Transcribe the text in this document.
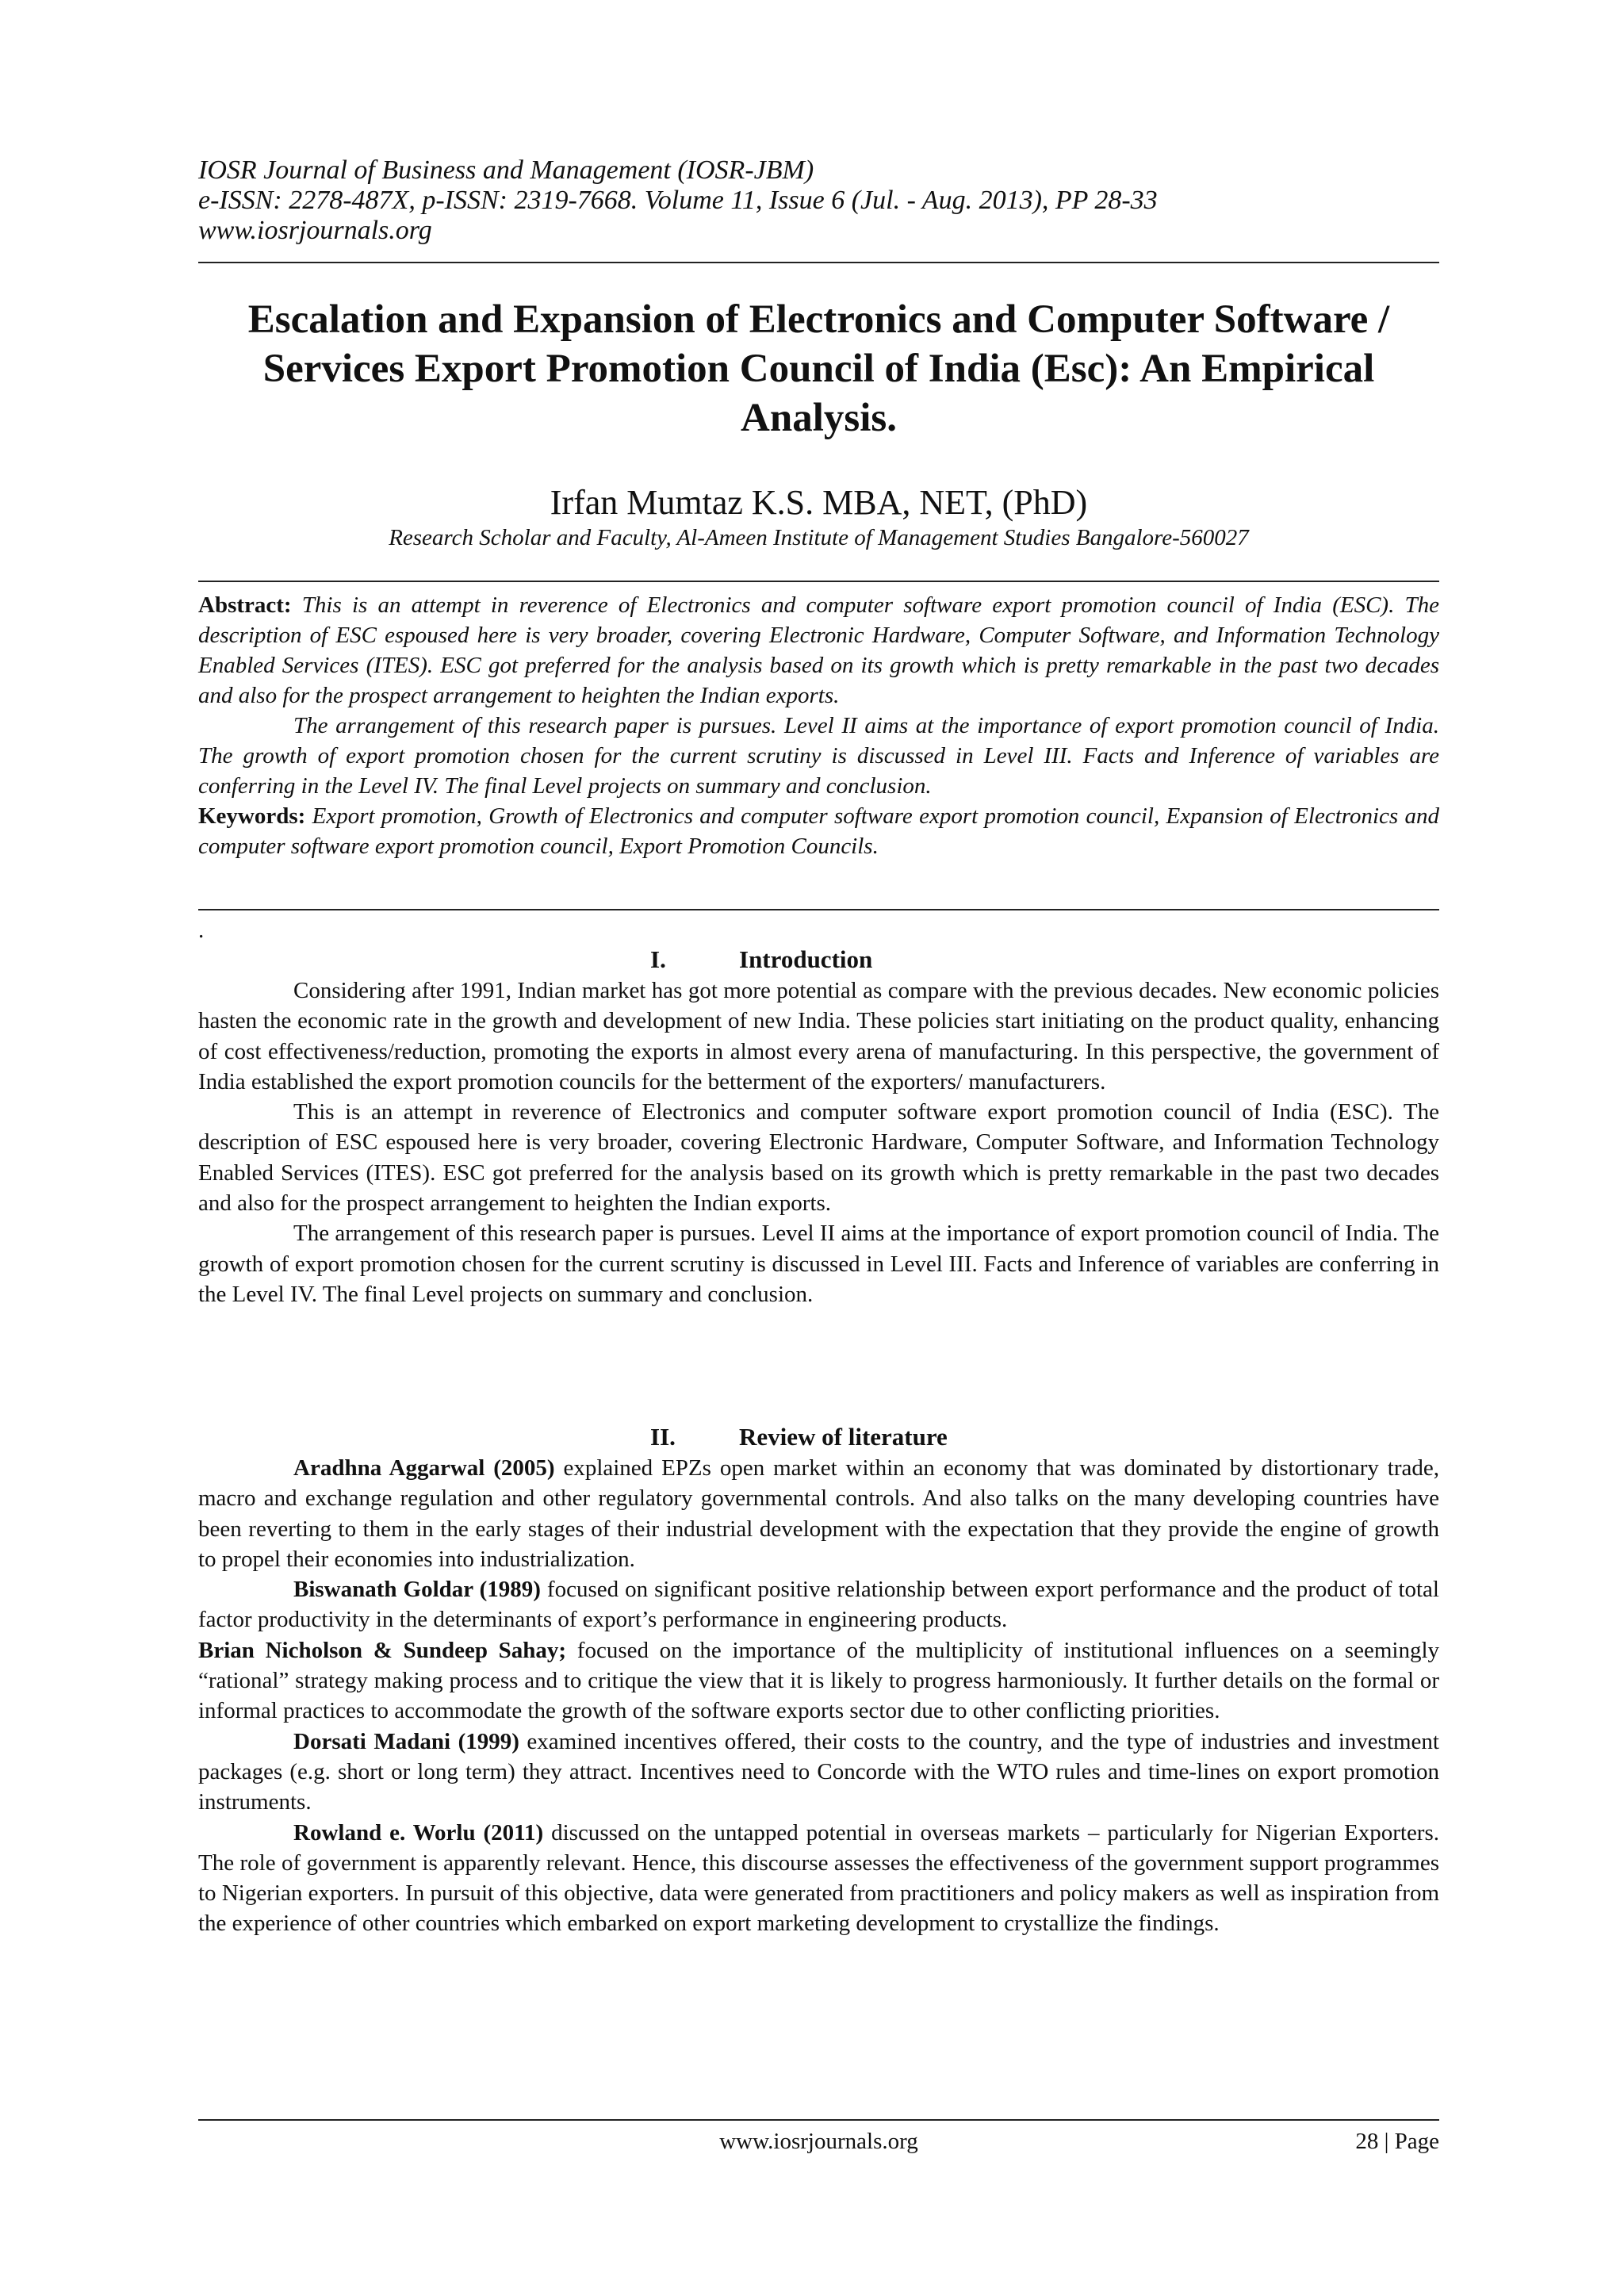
IOSR Journal of Business and Management (IOSR-JBM)
e-ISSN: 2278-487X, p-ISSN: 2319-7668. Volume 11, Issue 6 (Jul. - Aug. 2013), PP 28-33
www.iosrjournals.org
Escalation and Expansion of Electronics and Computer Software / Services Export Promotion Council of India (Esc): An Empirical Analysis.
Irfan Mumtaz K.S. MBA, NET, (PhD)
Research Scholar and Faculty, Al-Ameen Institute of Management Studies Bangalore-560027

Abstract: This is an attempt in reverence of Electronics and computer software export promotion council of India (ESC). The description of ESC espoused here is very broader, covering Electronic Hardware, Computer Software, and Information Technology Enabled Services (ITES). ESC got preferred for the analysis based on its growth which is pretty remarkable in the past two decades and also for the prospect arrangement to heighten the Indian exports.

The arrangement of this research paper is pursues. Level II aims at the importance of export promotion council of India. The growth of export promotion chosen for the current scrutiny is discussed in Level III. Facts and Inference of variables are conferring in the Level IV. The final Level projects on summary and conclusion.

Keywords: Export promotion, Growth of Electronics and computer software export promotion council, Expansion of Electronics and computer software export promotion council, Export Promotion Councils.

.
I.	Introduction

Considering after 1991, Indian market has got more potential as compare with the previous decades. New economic policies hasten the economic rate in the growth and development of new India. These policies start initiating on the product quality, enhancing of cost effectiveness/reduction, promoting the exports in almost every arena of manufacturing. In this perspective, the government of India established the export promotion councils for the betterment of the exporters/ manufacturers.

This is an attempt in reverence of Electronics and computer software export promotion council of India (ESC). The description of ESC espoused here is very broader, covering Electronic Hardware, Computer Software, and Information Technology Enabled Services (ITES). ESC got preferred for the analysis based on its growth which is pretty remarkable in the past two decades and also for the prospect arrangement to heighten the Indian exports.

The arrangement of this research paper is pursues. Level II aims at the importance of export promotion council of India. The growth of export promotion chosen for the current scrutiny is discussed in Level III. Facts and Inference of variables are conferring in the Level IV. The final Level projects on summary and conclusion.

II.	Review of literature

Aradhna Aggarwal (2005) explained EPZs open market within an economy that was dominated by distortionary trade, macro and exchange regulation and other regulatory governmental controls. And also talks on the many developing countries have been reverting to them in the early stages of their industrial development with the expectation that they provide the engine of growth to propel their economies into industrialization.

Biswanath Goldar (1989) focused on significant positive relationship between export performance and the product of total factor productivity in the determinants of export’s performance in engineering products.

Brian Nicholson & Sundeep Sahay; focused on the importance of the multiplicity of institutional influences on a seemingly “rational” strategy making process and to critique the view that it is likely to progress harmoniously. It further details on the formal or informal practices to accommodate the growth of the software exports sector due to other conflicting priorities.

Dorsati Madani (1999) examined incentives offered, their costs to the country, and the type of industries and investment packages (e.g. short or long term) they attract. Incentives need to Concorde with the WTO rules and time-lines on export promotion instruments.

Rowland e. Worlu (2011) discussed on the untapped potential in overseas markets – particularly for Nigerian Exporters. The role of government is apparently relevant. Hence, this discourse assesses the effectiveness of the government support programmes to Nigerian exporters. In pursuit of this objective, data were generated from practitioners and policy makers as well as inspiration from the experience of other countries which embarked on export marketing development to crystallize the findings.

www.iosrjournals.org	28 | Page
